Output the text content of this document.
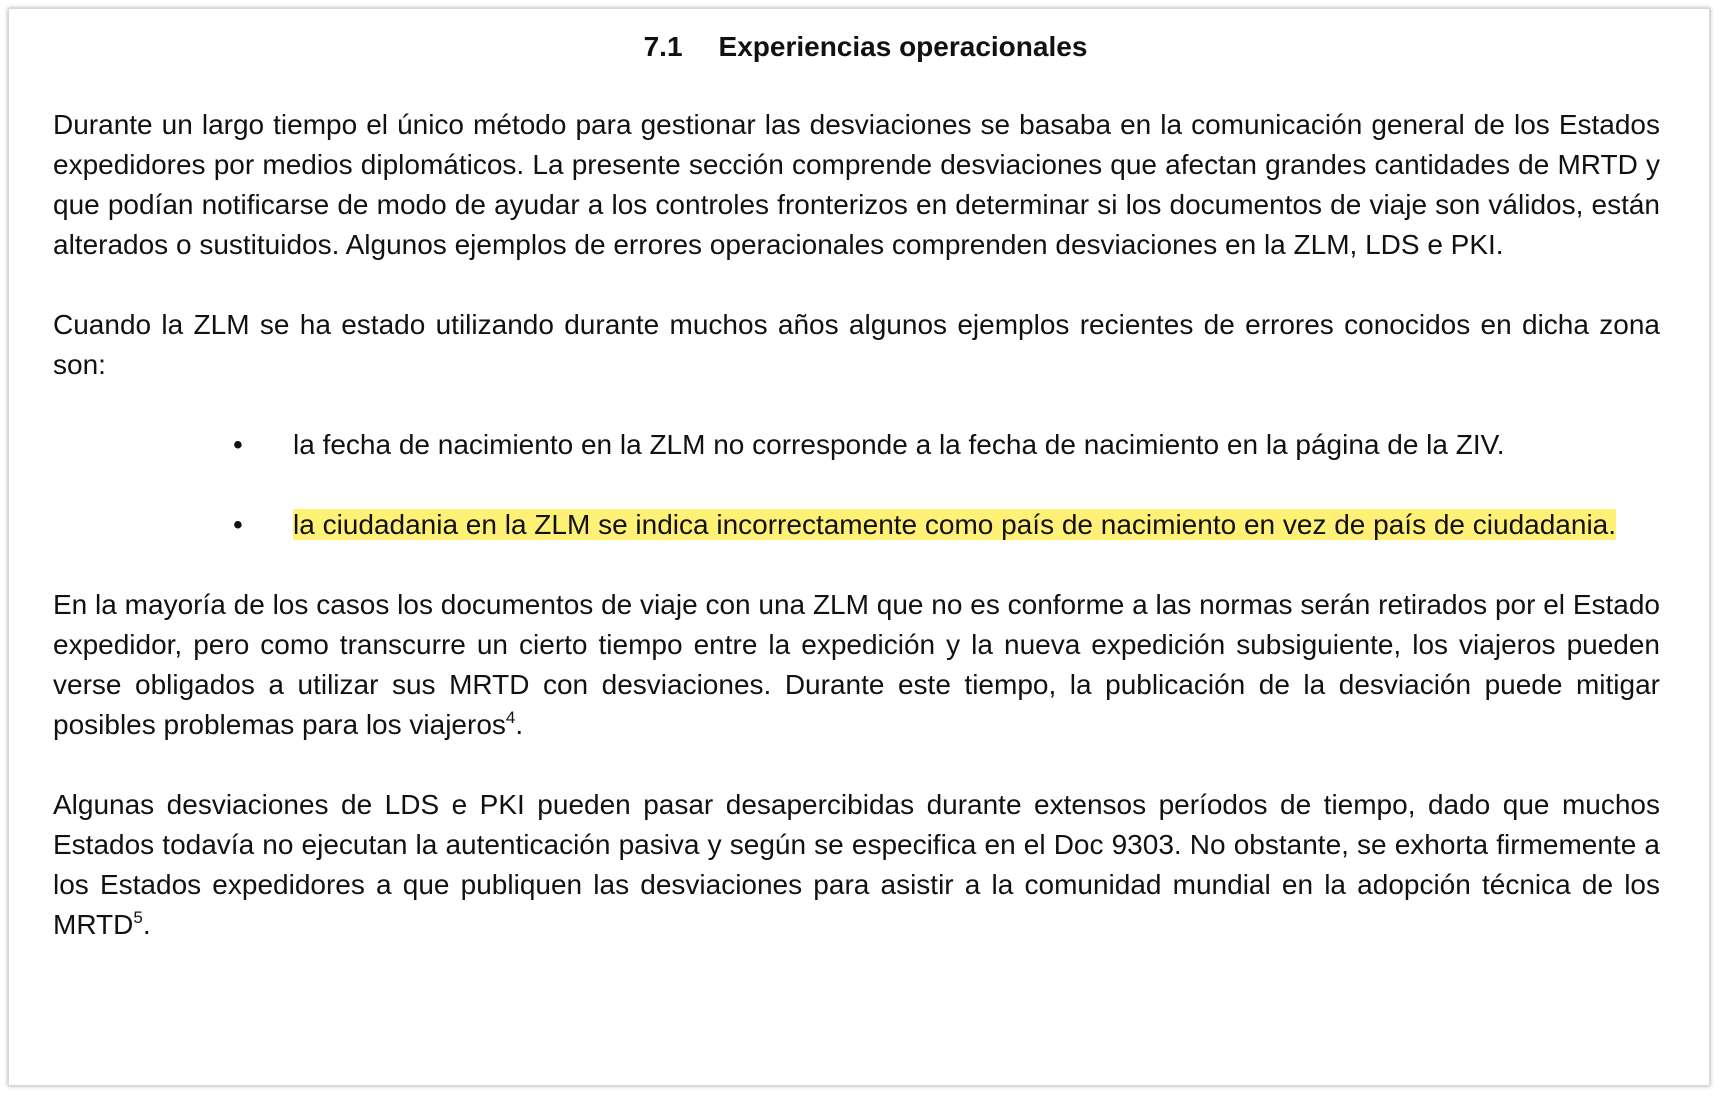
7.1 Experiencias operacionales

Durante un largo tiempo el único método para gestionar las desviaciones se basaba en la comunicación general de los Estados expedidores por medios diplomáticos. La presente sección comprende desviaciones que afectan grandes cantidades de MRTD y que podían notificarse de modo de ayudar a los controles fronterizos en determinar si los documentos de viaje son válidos, están alterados o sustituidos. Algunos ejemplos de errores operacionales comprenden desviaciones en la ZLM, LDS e PKI.

Cuando la ZLM se ha estado utilizando durante muchos años algunos ejemplos recientes de errores conocidos en dicha zona son:

• la fecha de nacimiento en la ZLM no corresponde a la fecha de nacimiento en la página de la ZIV.
• la ciudadania en la ZLM se indica incorrectamente como país de nacimiento en vez de país de ciudadania.

En la mayoría de los casos los documentos de viaje con una ZLM que no es conforme a las normas serán retirados por el Estado expedidor, pero como transcurre un cierto tiempo entre la expedición y la nueva expedición subsiguiente, los viajeros pueden verse obligados a utilizar sus MRTD con desviaciones. Durante este tiempo, la publicación de la desviación puede mitigar posibles problemas para los viajeros$^4$.

Algunas desviaciones de LDS e PKI pueden pasar desapercibidas durante extensos períodos de tiempo, dado que muchos Estados todavía no ejecutan la autenticación pasiva y según se especifica en el Doc 9303. No obstante, se exhorta firmemente a los Estados expedidores a que publiquen las desviaciones para asistir a la comunidad mundial en la adopción técnica de los MRTD$^5$.
